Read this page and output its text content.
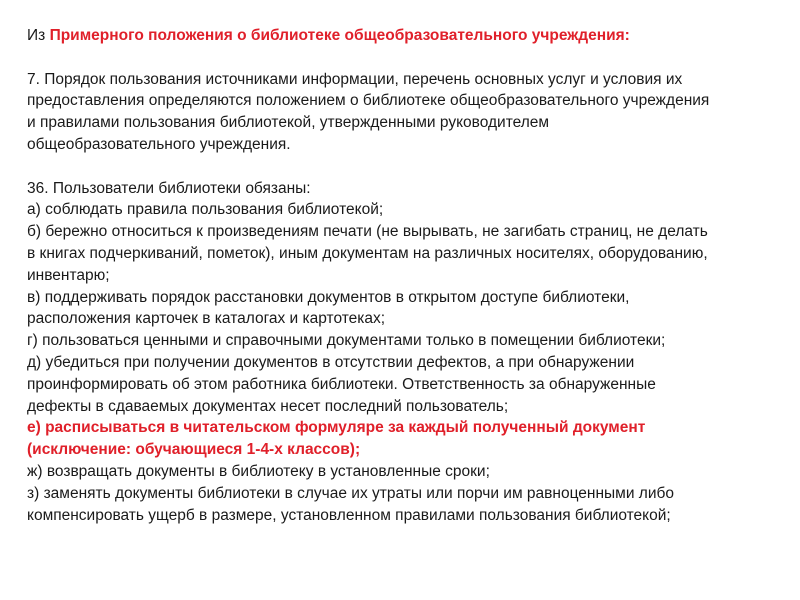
Из Примерного положения о библиотеке общеобразовательного учреждения:

7. Порядок пользования источниками информации, перечень основных услуг и условия их

предоставления определяются положением о библиотеке общеобразовательного учреждения

и правилами пользования библиотекой, утвержденными руководителем

общеобразовательного учреждения.

36. Пользователи библиотеки обязаны:

а) соблюдать правила пользования библиотекой;

б) бережно относиться к произведениям печати (не вырывать, не загибать страниц, не делать

в книгах подчеркиваний, пометок), иным документам на различных носителях, оборудованию,

инвентарю;

в) поддерживать порядок расстановки документов в открытом доступе библиотеки,

расположения карточек в каталогах и картотеках;

г) пользоваться ценными и справочными документами только в помещении библиотеки;

д) убедиться при получении документов в отсутствии дефектов, а при обнаружении

проинформировать об этом работника библиотеки. Ответственность за обнаруженные

дефекты в сдаваемых документах несет последний пользователь;

е) расписываться в читательском формуляре за каждый полученный документ

(исключение: обучающиеся 1-4-х классов);

ж) возвращать документы в библиотеку в установленные сроки;

з) заменять документы библиотеки в случае их утраты или порчи им равноценными либо

компенсировать ущерб в размере, установленном правилами пользования библиотекой;
